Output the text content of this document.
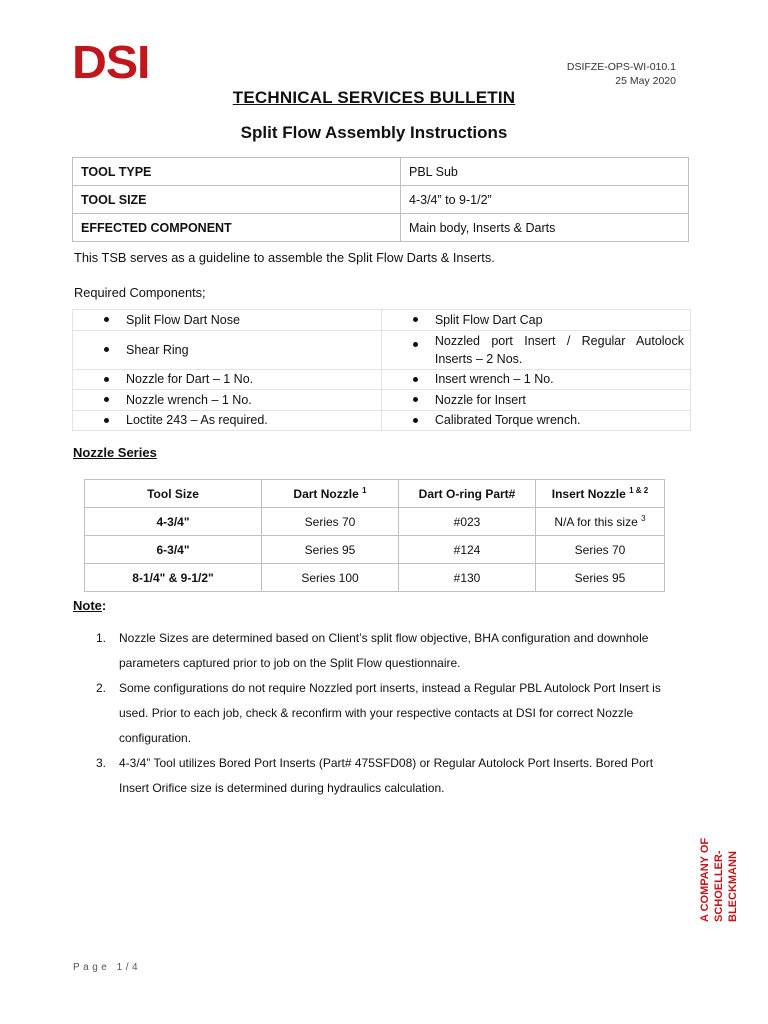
DSI	DSIFZE-OPS-WI-010.1
25 May 2020
TECHNICAL SERVICES BULLETIN
Split Flow Assembly Instructions
TOOL TYPE	PBL Sub
TOOL SIZE	4-3/4” to 9-1/2”
EFFECTED COMPONENT	Main body, Inserts & Darts
This TSB serves as a guideline to assemble the Split Flow Darts & Inserts.
Required Components;
Split Flow Dart Nose	Split Flow Dart Cap

Shear Ring	Nozzled port Insert / Regular Autolock Inserts – 2 Nos.

Nozzle for Dart – 1 No.	Insert wrench – 1 No.

Nozzle wrench – 1 No.	Nozzle for Insert

Loctite 243 – As required.	Calibrated Torque wrench.
Nozzle Series
Tool Size	Dart Nozzle $^1$	Dart O-ring Part#	Insert Nozzle $^{1 \& 2}$
4-3/4"	Series 70	#023	N/A for this size $^3$
6-3/4"	Series 95	#124	Series 70
8-1/4" & 9-1/2"	Series 100	#130	Series 95
Note:

1. Nozzle Sizes are determined based on Client’s split flow objective, BHA configuration and downhole parameters captured prior to job on the Split Flow questionnaire.

2. Some configurations do not require Nozzled port inserts, instead a Regular PBL Autolock Port Insert is used. Prior to each job, check & reconfirm with your respective contacts at DSI for correct Nozzle configuration.

3. 4-3/4” Tool utilizes Bored Port Inserts (Part# 475SFD08) or Regular Autolock Port Inserts. Bored Port Insert Orifice size is determined during hydraulics calculation.

A COMPANY OF SCHOELLER-BLECKMANN
Page 1/4
